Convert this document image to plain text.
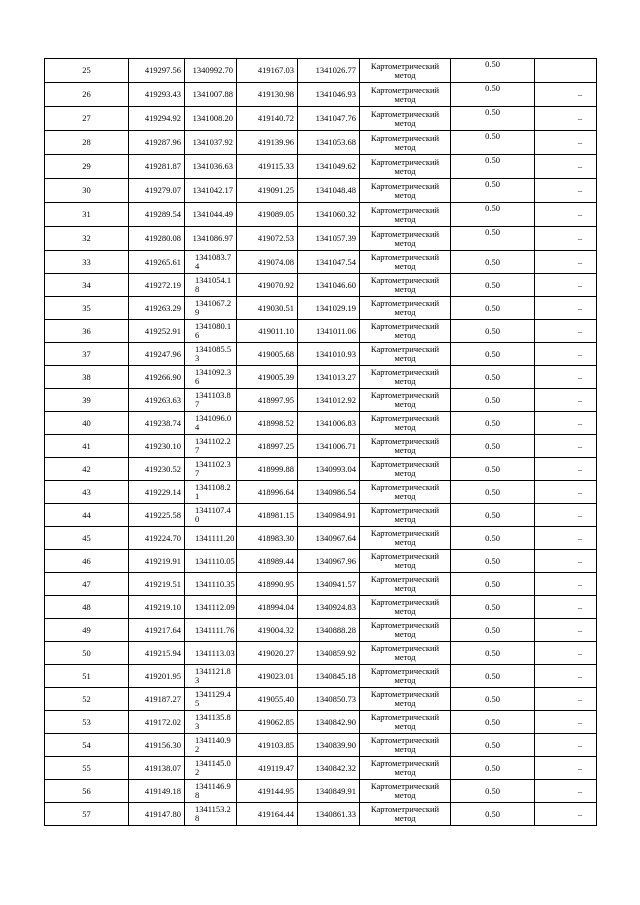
25	419297.56	1340992.70	419167.03	1341026.77	Картометрический метод	0.50	
26	419293.43	1341007.88	419130.98	1341046.93	Картометрический метод	0.50	–
27	419294.92	1341008.20	419140.72	1341047.76	Картометрический метод	0.50	–
28	419287.96	1341037.92	419139.96	1341053.68	Картометрический метод	0.50	–
29	419281.87	1341036.63	419115.33	1341049.62	Картометрический метод	0.50	–
30	419279.07	1341042.17	419091.25	1341048.48	Картометрический метод	0.50	–
31	419289.54	1341044.49	419089.05	1341060.32	Картометрический метод	0.50	–
32	419280.08	1341086.97	419072.53	1341057.39	Картометрический метод	0.50	–
33	419265.61	1341083.74	419074.08	1341047.54	Картометрический метод	0.50	–
34	419272.19	1341054.18	419070.92	1341046.60	Картометрический метод	0.50	–
35	419263.29	1341067.29	419030.51	1341029.19	Картометрический метод	0.50	–
36	419252.91	1341080.16	419011.10	1341011.06	Картометрический метод	0.50	–
37	419247.96	1341085.53	419005.68	1341010.93	Картометрический метод	0.50	–
38	419266.90	1341092.36	419005.39	1341013.27	Картометрический метод	0.50	–
39	419263.63	1341103.87	418997.95	1341012.92	Картометрический метод	0.50	–
40	419238.74	1341096.04	418998.52	1341006.83	Картометрический метод	0.50	–
41	419230.10	1341102.27	418997.25	1341006.71	Картометрический метод	0.50	–
42	419230.52	1341102.37	418999.88	1340993.04	Картометрический метод	0.50	–
43	419229.14	1341108.21	418996.64	1340986.54	Картометрический метод	0.50	–
44	419225.58	1341107.40	418981.15	1340984.91	Картометрический метод	0.50	–
45	419224.70	1341111.20	418983.30	1340967.64	Картометрический метод	0.50	–
46	419219.91	1341110.05	418989.44	1340967.96	Картометрический метод	0.50	–
47	419219.51	1341110.35	418990.95	1340941.57	Картометрический метод	0.50	–
48	419219.10	1341112.09	418994.04	1340924.83	Картометрический метод	0.50	–
49	419217.64	1341111.76	419004.32	1340888.28	Картометрический метод	0.50	–
50	419215.94	1341113.03	419020.27	1340859.92	Картометрический метод	0.50	–
51	419201.95	1341121.83	419023.01	1340845.18	Картометрический метод	0.50	–
52	419187.27	1341129.45	419055.40	1340850.73	Картометрический метод	0.50	–
53	419172.02	1341135.83	419062.85	1340842.90	Картометрический метод	0.50	–
54	419156.30	1341140.92	419103.85	1340839.90	Картометрический метод	0.50	–
55	419138.07	1341145.02	419119.47	1340842.32	Картометрический метод	0.50	–
56	419149.18	1341146.98	419144.95	1340849.91	Картометрический метод	0.50	–
57	419147.80	1341153.28	419164.44	1340861.33	Картометрический метод	0.50	–
